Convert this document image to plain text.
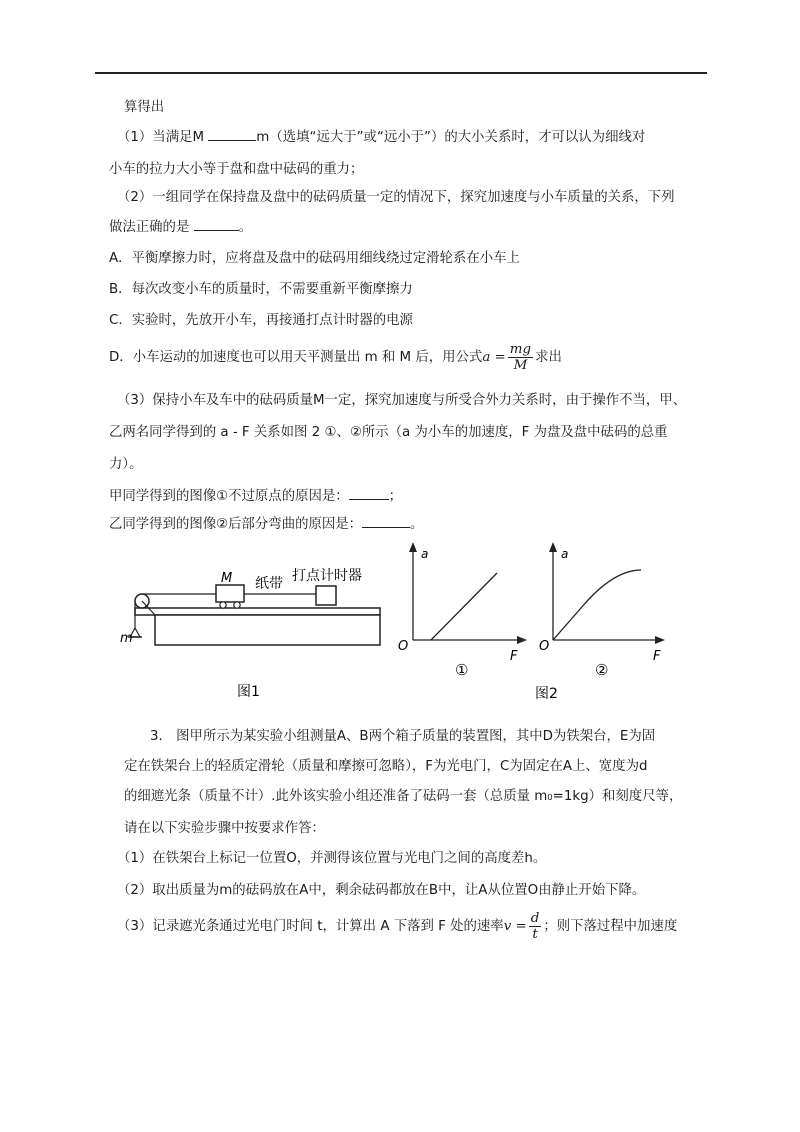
算得出
（1）当满足M	m（选填“远大于”或“远小于”）的大小关系时，才可以认为细线对
小车的拉力大小等于盘和盘中砝码的重力；
（2）一组同学在保持盘及盘中的砝码质量一定的情况下，探究加速度与小车质量的关系，下列
做法正确的是	。
A．平衡摩擦力时，应将盘及盘中的砝码用细线绕过定滑轮系在小车上
B．每次改变小车的质量时，不需要重新平衡摩擦力
C．实验时，先放开小车，再接通打点计时器的电源
D．小车运动的加速度也可以用天平测量出 m 和 M 后，用公式$a = \frac{mg}{M}$ 求出
（3）保持小车及车中的砝码质量M一定，探究加速度与所受合外力关系时，由于操作不当，甲、
乙两名同学得到的 a - F 关系如图 2 ①、②所示（a 为小车的加速度，F 为盘及盘中砝码的总重
力）。
甲同学得到的图像①不过原点的原因是：	；
乙同学得到的图像②后部分弯曲的原因是：	。
m
M 纸带 打点计时器
图1
a
F
O
①
a
F
O
②
图2
3.　图甲所示为某实验小组测量A、B两个箱子质量的装置图，其中D为铁架台，E为固
定在铁架台上的轻质定滑轮（质量和摩擦可忽略），F为光电门，C为固定在A上、宽度为d
的细遮光条（质量不计）.此外该实验小组还准备了砝码一套（总质量 m₀=1kg）和刻度尺等，
请在以下实验步骤中按要求作答：
（1）在铁架台上标记一位置O，并测得该位置与光电门之间的高度差h。
（2）取出质量为m的砝码放在A中，剩余砝码都放在B中，让A从位置O由静止开始下降。
（3）记录遮光条通过光电门时间 t，计算出 A 下落到 F 处的速率$v = \frac{d}{t}$ ；则下落过程中加速度
